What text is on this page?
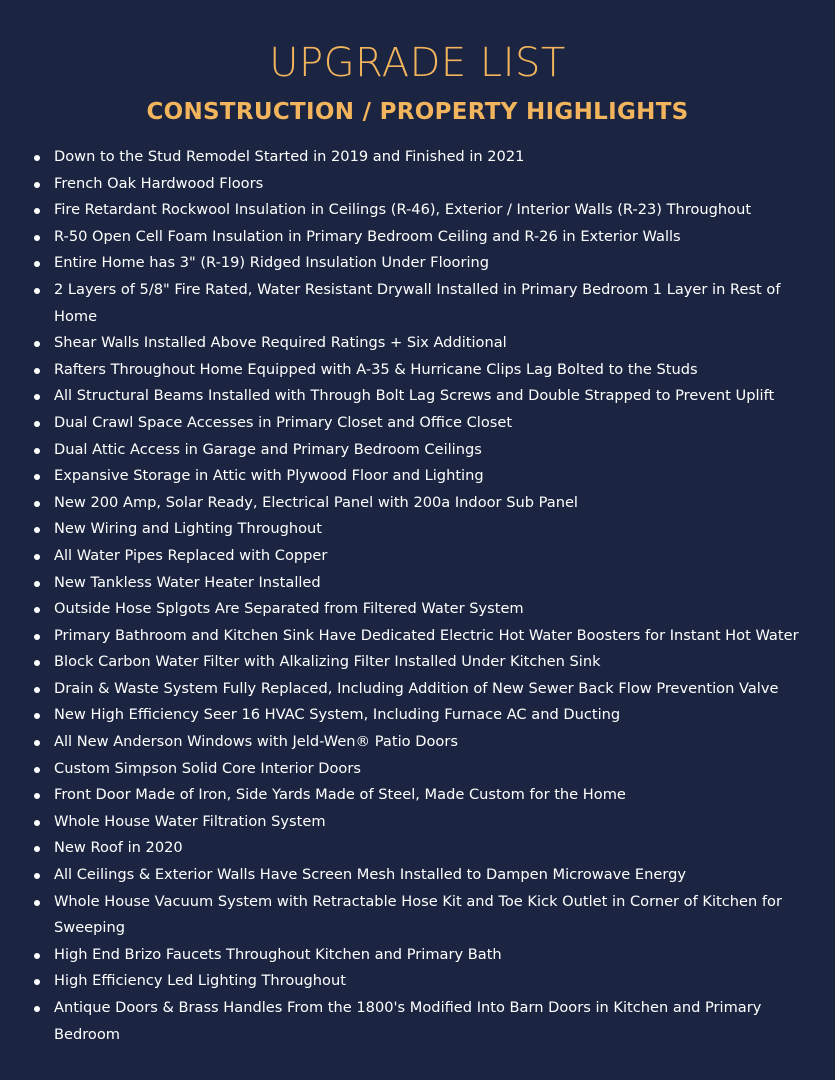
UPGRADE LIST
CONSTRUCTION / PROPERTY HIGHLIGHTS
Down to the Stud Remodel Started in 2019 and Finished in 2021
French Oak Hardwood Floors
Fire Retardant Rockwool Insulation in Ceilings (R-46), Exterior / Interior Walls (R-23) Throughout
R-50 Open Cell Foam Insulation in Primary Bedroom Ceiling and R-26 in Exterior Walls
Entire Home has 3" (R-19) Ridged Insulation Under Flooring
2 Layers of 5/8" Fire Rated, Water Resistant Drywall Installed in Primary Bedroom 1 Layer in Rest of Home
Shear Walls Installed Above Required Ratings + Six Additional
Rafters Throughout Home Equipped with A-35 & Hurricane Clips Lag Bolted to the Studs
All Structural Beams Installed with Through Bolt Lag Screws and Double Strapped to Prevent Uplift
Dual Crawl Space Accesses in Primary Closet and Office Closet
Dual Attic Access in Garage and Primary Bedroom Ceilings
Expansive Storage in Attic with Plywood Floor and Lighting
New 200 Amp, Solar Ready, Electrical Panel with 200a Indoor Sub Panel
New Wiring and Lighting Throughout
All Water Pipes Replaced with Copper
New Tankless Water Heater Installed
Outside Hose Splgots Are Separated from Filtered Water System
Primary Bathroom and Kitchen Sink Have Dedicated Electric Hot Water Boosters for Instant Hot Water
Block Carbon Water Filter with Alkalizing Filter Installed Under Kitchen Sink
Drain & Waste System Fully Replaced, Including Addition of New Sewer Back Flow Prevention Valve
New High Efficiency Seer 16 HVAC System, Including Furnace AC and Ducting
All New Anderson Windows with Jeld-Wen® Patio Doors
Custom Simpson Solid Core Interior Doors
Front Door Made of Iron, Side Yards Made of Steel, Made Custom for the Home
Whole House Water Filtration System
New Roof in 2020
All Ceilings & Exterior Walls Have Screen Mesh Installed to Dampen Microwave Energy
Whole House Vacuum System with Retractable Hose Kit and Toe Kick Outlet in Corner of Kitchen for Sweeping
High End Brizo Faucets Throughout Kitchen and Primary Bath
High Efficiency Led Lighting Throughout
Antique Doors & Brass Handles From the 1800's Modified Into Barn Doors in Kitchen and Primary Bedroom
